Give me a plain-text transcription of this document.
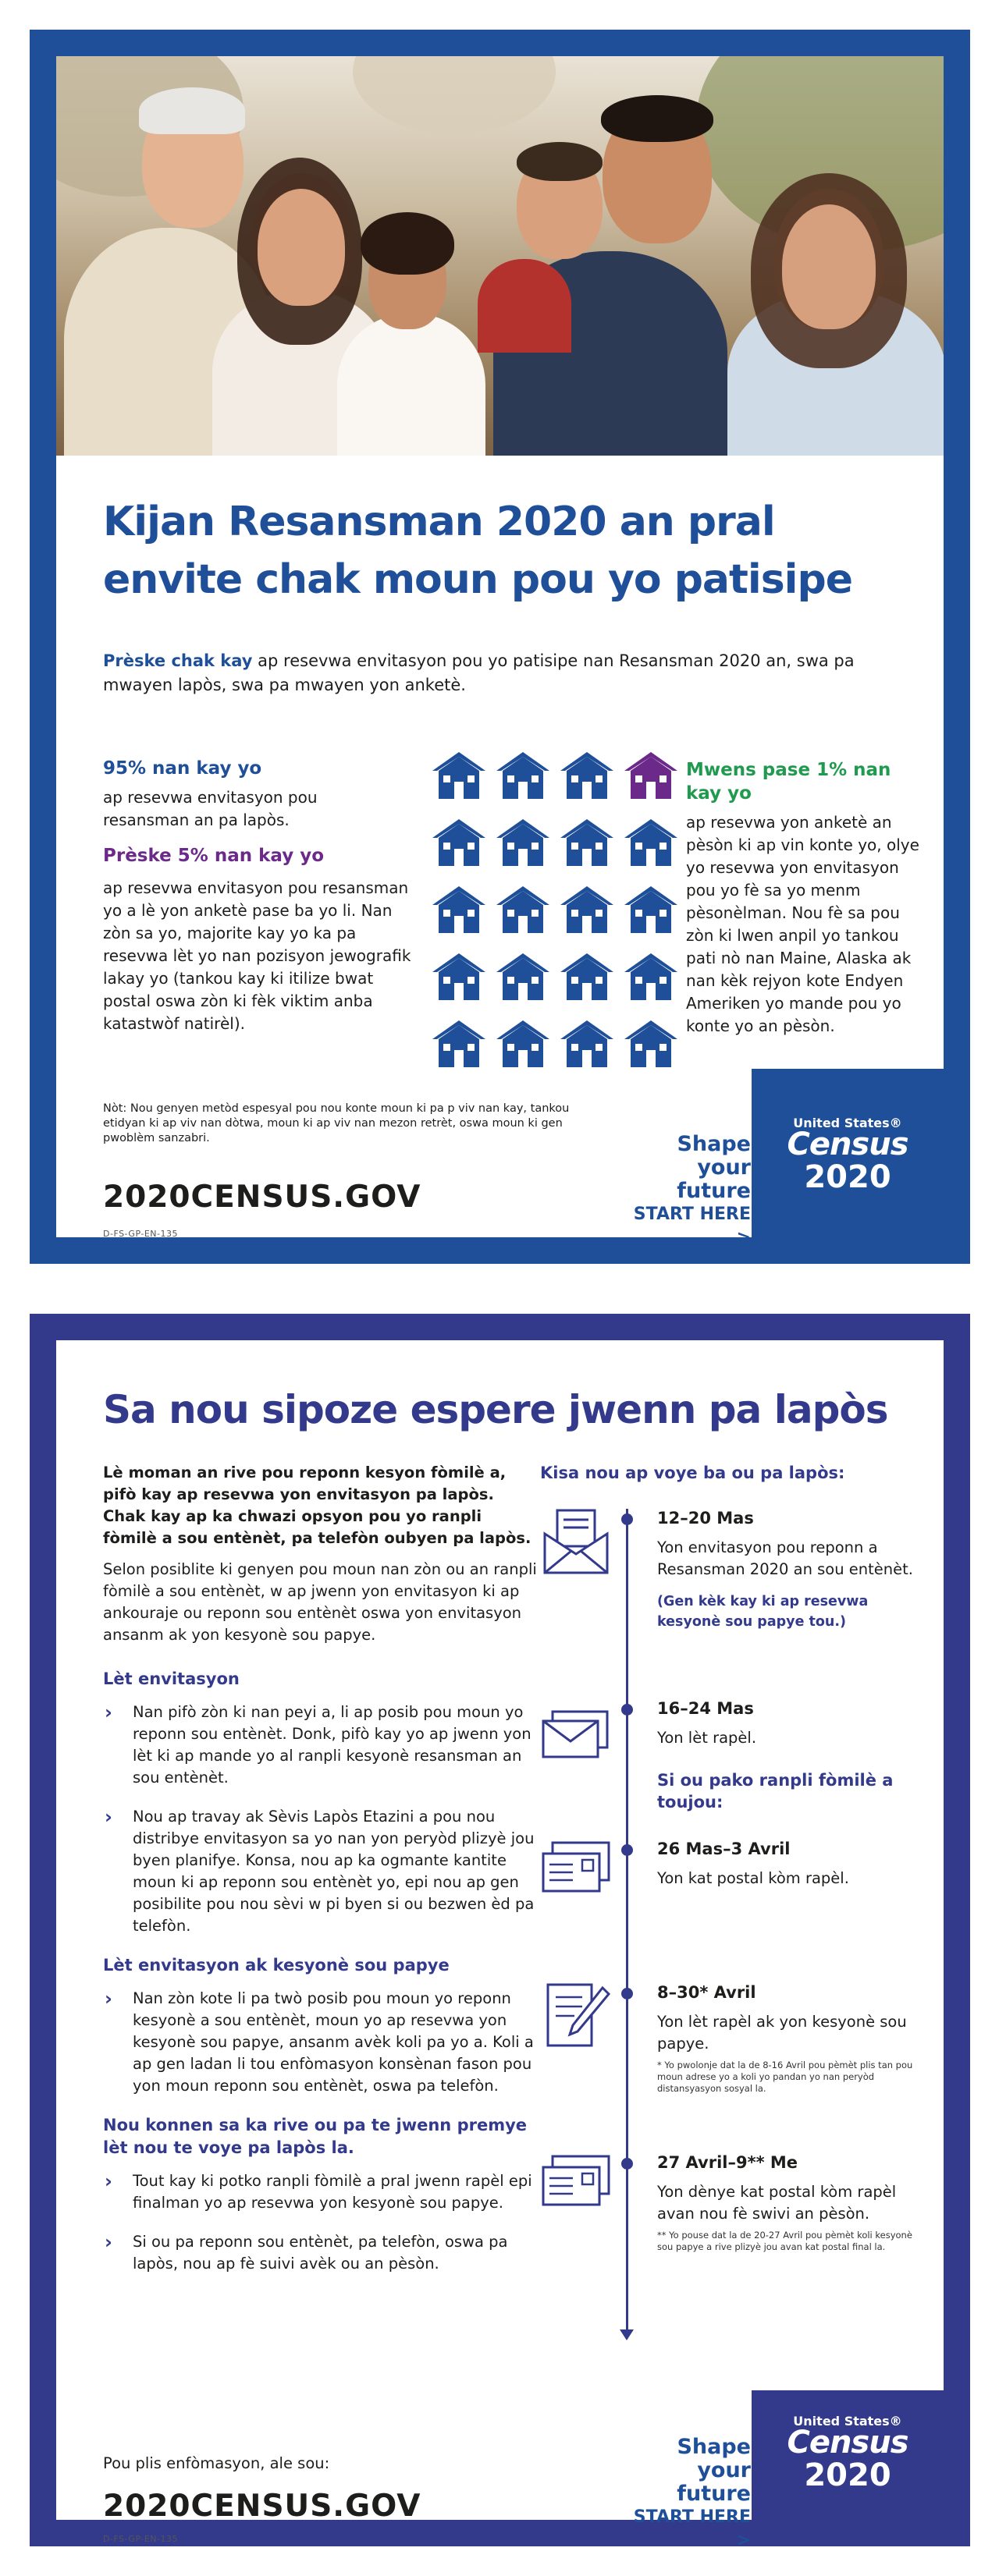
Kijan Resansman 2020 an pral envite chak moun pou yo patisipe
Prèske chak kay ap resevwa envitasyon pou yo patisipe nan Resansman 2020 an, swa pa mwayen lapòs, swa pa mwayen yon anketè.
95% nan kay yo
ap resevwa envitasyon pou resansman an pa lapòs.
Prèske 5% nan kay yo
ap resevwa envitasyon pou resansman yo a lè yon anketè pase ba yo li. Nan zòn sa yo, majorite kay yo ka pa resevwa lèt yo nan pozisyon jewografik lakay yo (tankou kay ki itilize bwat postal oswa zòn ki fèk viktim anba katastwòf natirèl).
Mwens pase 1% nan kay yo
ap resevwa yon anketè an pèsòn ki ap vin konte yo, olye yo resevwa yon envitasyon pou yo fè sa yo menm pèsonèlman. Nou fè sa pou zòn ki lwen anpil yo tankou pati nò nan Maine, Alaska ak nan kèk rejyon kote Endyen Ameriken yo mande pou yo konte yo an pèsòn.
Nòt: Nou genyen metòd espesyal pou nou konte moun ki pa p viv nan kay, tankou etidyan ki ap viv nan dòtwa, moun ki ap viv nan mezon retrèt, oswa moun ki gen pwoblèm sanzabri.
2020CENSUS.GOV
D-FS-GP-EN-135
Shape
your future
START HERE >
United States®
Census
2020
Sa nou sipoze espere jwenn pa lapòs
Lè moman an rive pou reponn kesyon fòmilè a, pifò kay ap resevwa yon envitasyon pa lapòs. Chak kay ap ka chwazi opsyon pou yo ranpli fòmilè a sou entènèt, pa telefòn oubyen pa lapòs.
Selon posiblite ki genyen pou moun nan zòn ou an ranpli fòmilè a sou entènèt, w ap jwenn yon envitasyon ki ap ankouraje ou reponn sou entènèt oswa yon envitasyon ansanm ak yon kesyonè sou papye.
Lèt envitasyon
› Nan pifò zòn ki nan peyi a, li ap posib pou moun yo reponn sou entènèt. Donk, pifò kay yo ap jwenn yon lèt ki ap mande yo al ranpli kesyonè resansman an sou entènèt.
› Nou ap travay ak Sèvis Lapòs Etazini a pou nou distribye envitasyon sa yo nan yon peryòd plizyè jou byen planifye. Konsa, nou ap ka ogmante kantite moun ki ap reponn sou entènèt yo, epi nou ap gen posibilite pou nou sèvi w pi byen si ou bezwen èd pa telefòn.
Lèt envitasyon ak kesyonè sou papye
› Nan zòn kote li pa twò posib pou moun yo reponn kesyonè a sou entènèt, moun yo ap resevwa yon kesyonè sou papye, ansanm avèk koli pa yo a. Koli a ap gen ladan li tou enfòmasyon konsènan fason pou yon moun reponn sou entènèt, oswa pa telefòn.
Nou konnen sa ka rive ou pa te jwenn premye lèt nou te voye pa lapòs la.
› Tout kay ki potko ranpli fòmilè a pral jwenn rapèl epi finalman yo ap resevwa yon kesyonè sou papye.
› Si ou pa reponn sou entènèt, pa telefòn, oswa pa lapòs, nou ap fè suivi avèk ou an pèsòn.
Kisa nou ap voye ba ou pa lapòs:
12–20 Mas
Yon envitasyon pou reponn a Resansman 2020 an sou entènèt.
(Gen kèk kay ki ap resevwa kesyonè sou papye tou.)
16–24 Mas
Yon lèt rapèl.
Si ou pako ranpli fòmilè a toujou:
26 Mas–3 Avril
Yon kat postal kòm rapèl.
8–30* Avril
Yon lèt rapèl ak yon kesyonè sou papye.
* Yo pwolonje dat la de 8-16 Avril pou pèmèt plis tan pou moun adrese yo a koli yo pandan yo nan peryòd distansyasyon sosyal la.
27 Avril–9** Me
Yon dènye kat postal kòm rapèl avan nou fè swivi an pèsòn.
** Yo pouse dat la de 20-27 Avril pou pèmèt koli kesyonè sou papye a rive plizyè jou avan kat postal final la.
Pou plis enfòmasyon, ale sou:
2020CENSUS.GOV
D-FS-GP-EN-135
Shape
your future
START HERE >
United States®
Census
2020
